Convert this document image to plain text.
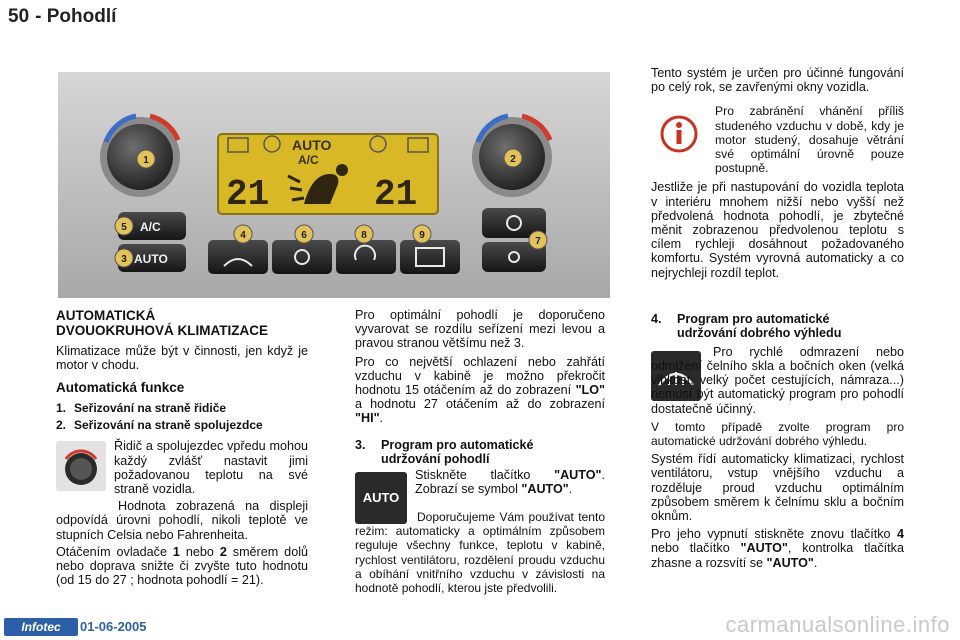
50 - Pohodlí
AUTO
A/C
21	21
A/C
AUTO
1	2
3
4
5
6
7
8	9

AUTOMATICKÁ

DVOUOKRUHOVÁ KLIMATIZACE

Klimatizace může být v činnosti, jen když je motor v chodu.

Automatická funkce

1. Seřizování na straně řidiče

2. Seřizování na straně spolujezdce

Řidič a spolujezdec vpředu mohou každý zvlášť nastavit jimi požadovanou teplotu na své straně vozidla.

Hodnota zobrazená na displeji odpovídá úrovni pohodlí, nikoli teplotě ve stupních Celsia nebo Fahrenheita.

Otáčením ovladače 1 nebo 2 směrem dolů nebo doprava snižte či zvyšte tuto hodnotu (od 15 do 27 ; hodnota pohodlí = 21).

Pro optimální pohodlí je doporučeno vyvarovat se rozdílu seřízení mezi levou a pravou stranou většímu než 3.

Pro co největší ochlazení nebo zahřátí vzduchu v kabině je možno překročit hodnotu 15 otáčením až do zobrazení "LO" a hodnotu 27 otáčením až do zobrazení "HI".

3. Program pro automatické
udržování pohodlí
AUTO

Stiskněte tlačítko "AUTO". Zobrazí se symbol "AUTO".

Doporučujeme Vám používat tento režim: automaticky a optimálním způsobem reguluje všechny funkce, teplotu v kabině, rychlost ventilátoru, rozdělení proudu vzduchu a obíhání vnitřního vzduchu v závislosti na hodnotě pohodlí, kterou jste předvolili.

Tento systém je určen pro účinné fungování po celý rok, se zavřenými okny vozidla.

Pro zabránění vhánění příliš studeného vzduchu v době, kdy je motor studený, dosahuje větrání své optimální úrovně pouze postupně.

Jestliže je při nastupování do vozidla teplota v interiéru mnohem nižší nebo vyšší než předvolená hodnota pohodlí, je zbytečné měnit zobrazenou předvolenou teplotu s cílem rychleji dosáhnout požadovaného komfortu. Systém vyrovná automaticky a co nejrychleji rozdíl teplot.

4. Program pro automatické
udržování dobrého výhledu

Pro rychlé odmrazení nebo odmlžení čelního skla a bočních oken (velká vlhkost, velký počet cestujících, námraza...) nemusí být automatický program pro pohodlí dostatečně účinný.

V tomto případě zvolte program pro automatické udržování dobrého výhledu.

Systém řídí automaticky klimatizaci, rychlost ventilátoru, vstup vnějšího vzduchu a rozděluje proud vzduchu optimálním způsobem směrem k čelnímu sklu a bočním oknům.

Pro jeho vypnutí stiskněte znovu tlačítko 4 nebo tlačítko "AUTO", kontrolka tlačítka zhasne a rozsvítí se "AUTO".

Infotec	01-06-2005	carmanualsonline.info
